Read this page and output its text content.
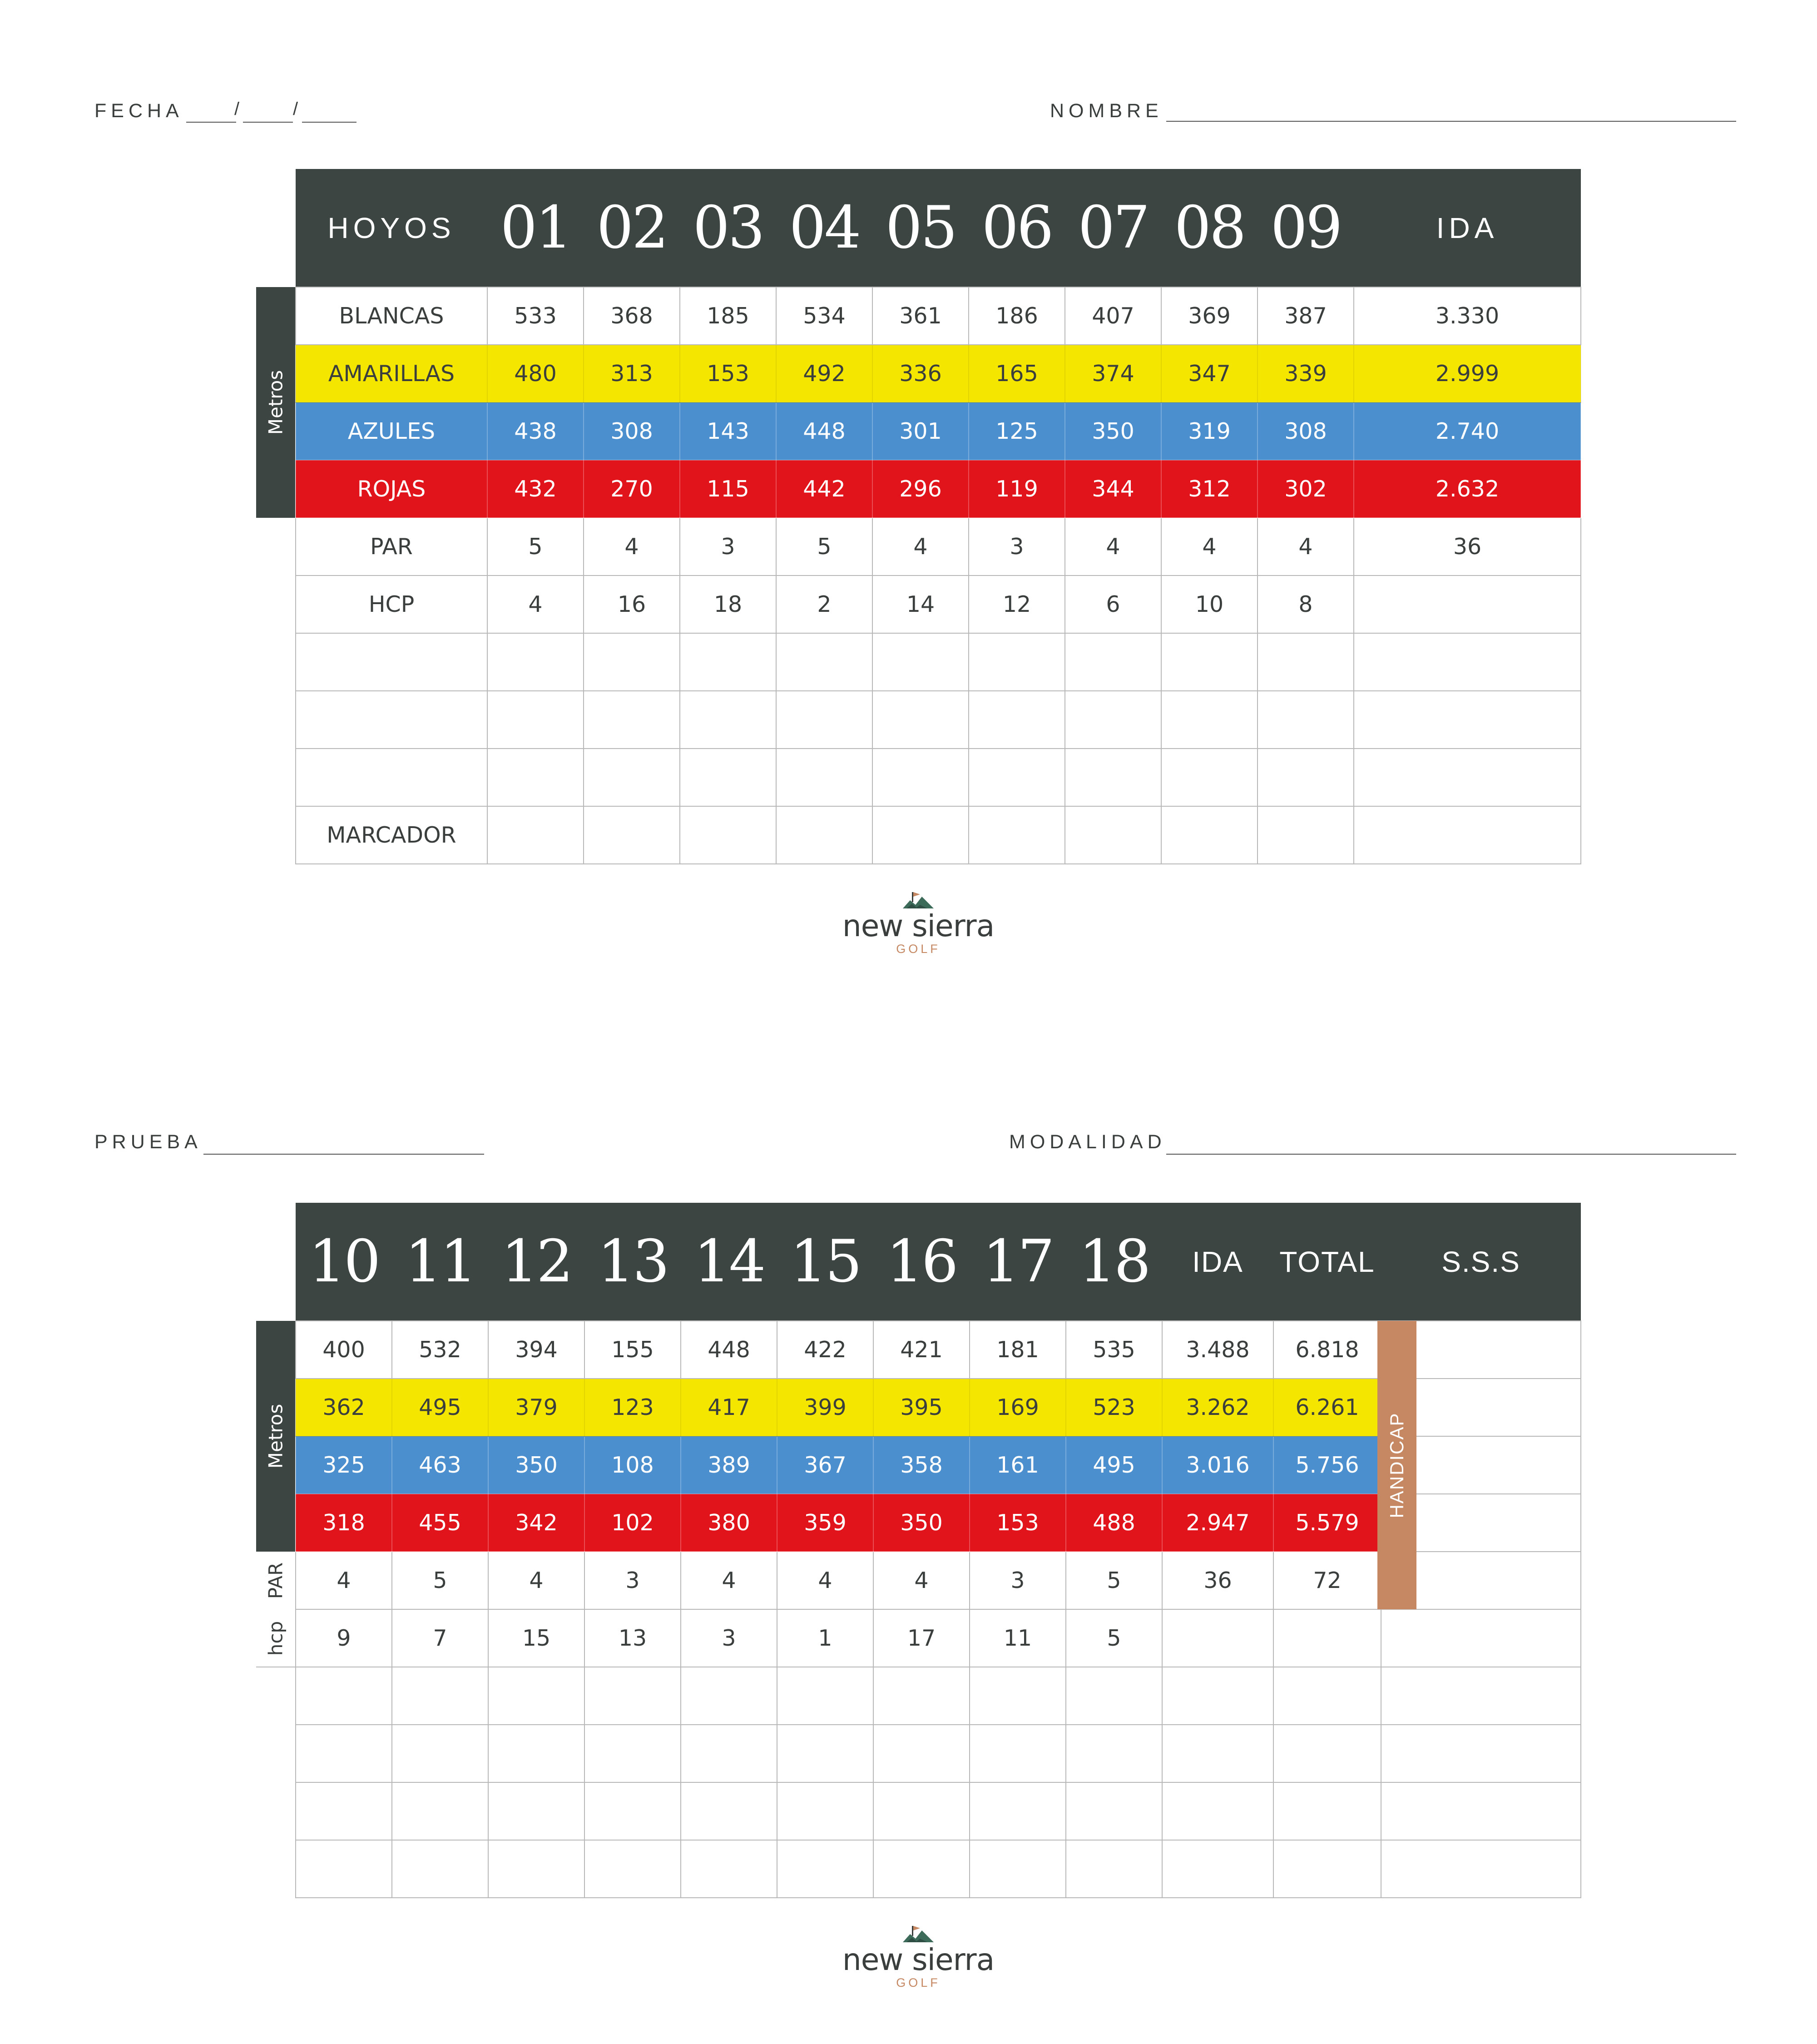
FECHA	/	/	NOMBRE
Metros
HOYOS	01	02	03	04	05	06	07	08	09	IDA
BLANCAS	533	368	185	534	361	186	407	369	387	3.330
AMARILLAS	480	313	153	492	336	165	374	347	339	2.999
AZULES	438	308	143	448	301	125	350	319	308	2.740
ROJAS	432	270	115	442	296	119	344	312	302	2.632
PAR	5	4	3	5	4	3	4	4	4	36
HCP	4	16	18	2	14	12	6	10	8	

MARCADOR										
new sierra
GOLF
PRUEBA	MODALIDAD
Metros
PAR
hcp
10	11	12	13	14	15	16	17	18	IDA	TOTAL	S.S.S
400	532	394	155	448	422	421	181	535	3.488	6.818	
362	495	379	123	417	399	395	169	523	3.262	6.261	
325	463	350	108	389	367	358	161	495	3.016	5.756	
318	455	342	102	380	359	350	153	488	2.947	5.579	
4	5	4	3	4	4	4	3	5	36	72	
9	7	15	13	3	1	17	11	5			

HANDICAP
new sierra
GOLF
